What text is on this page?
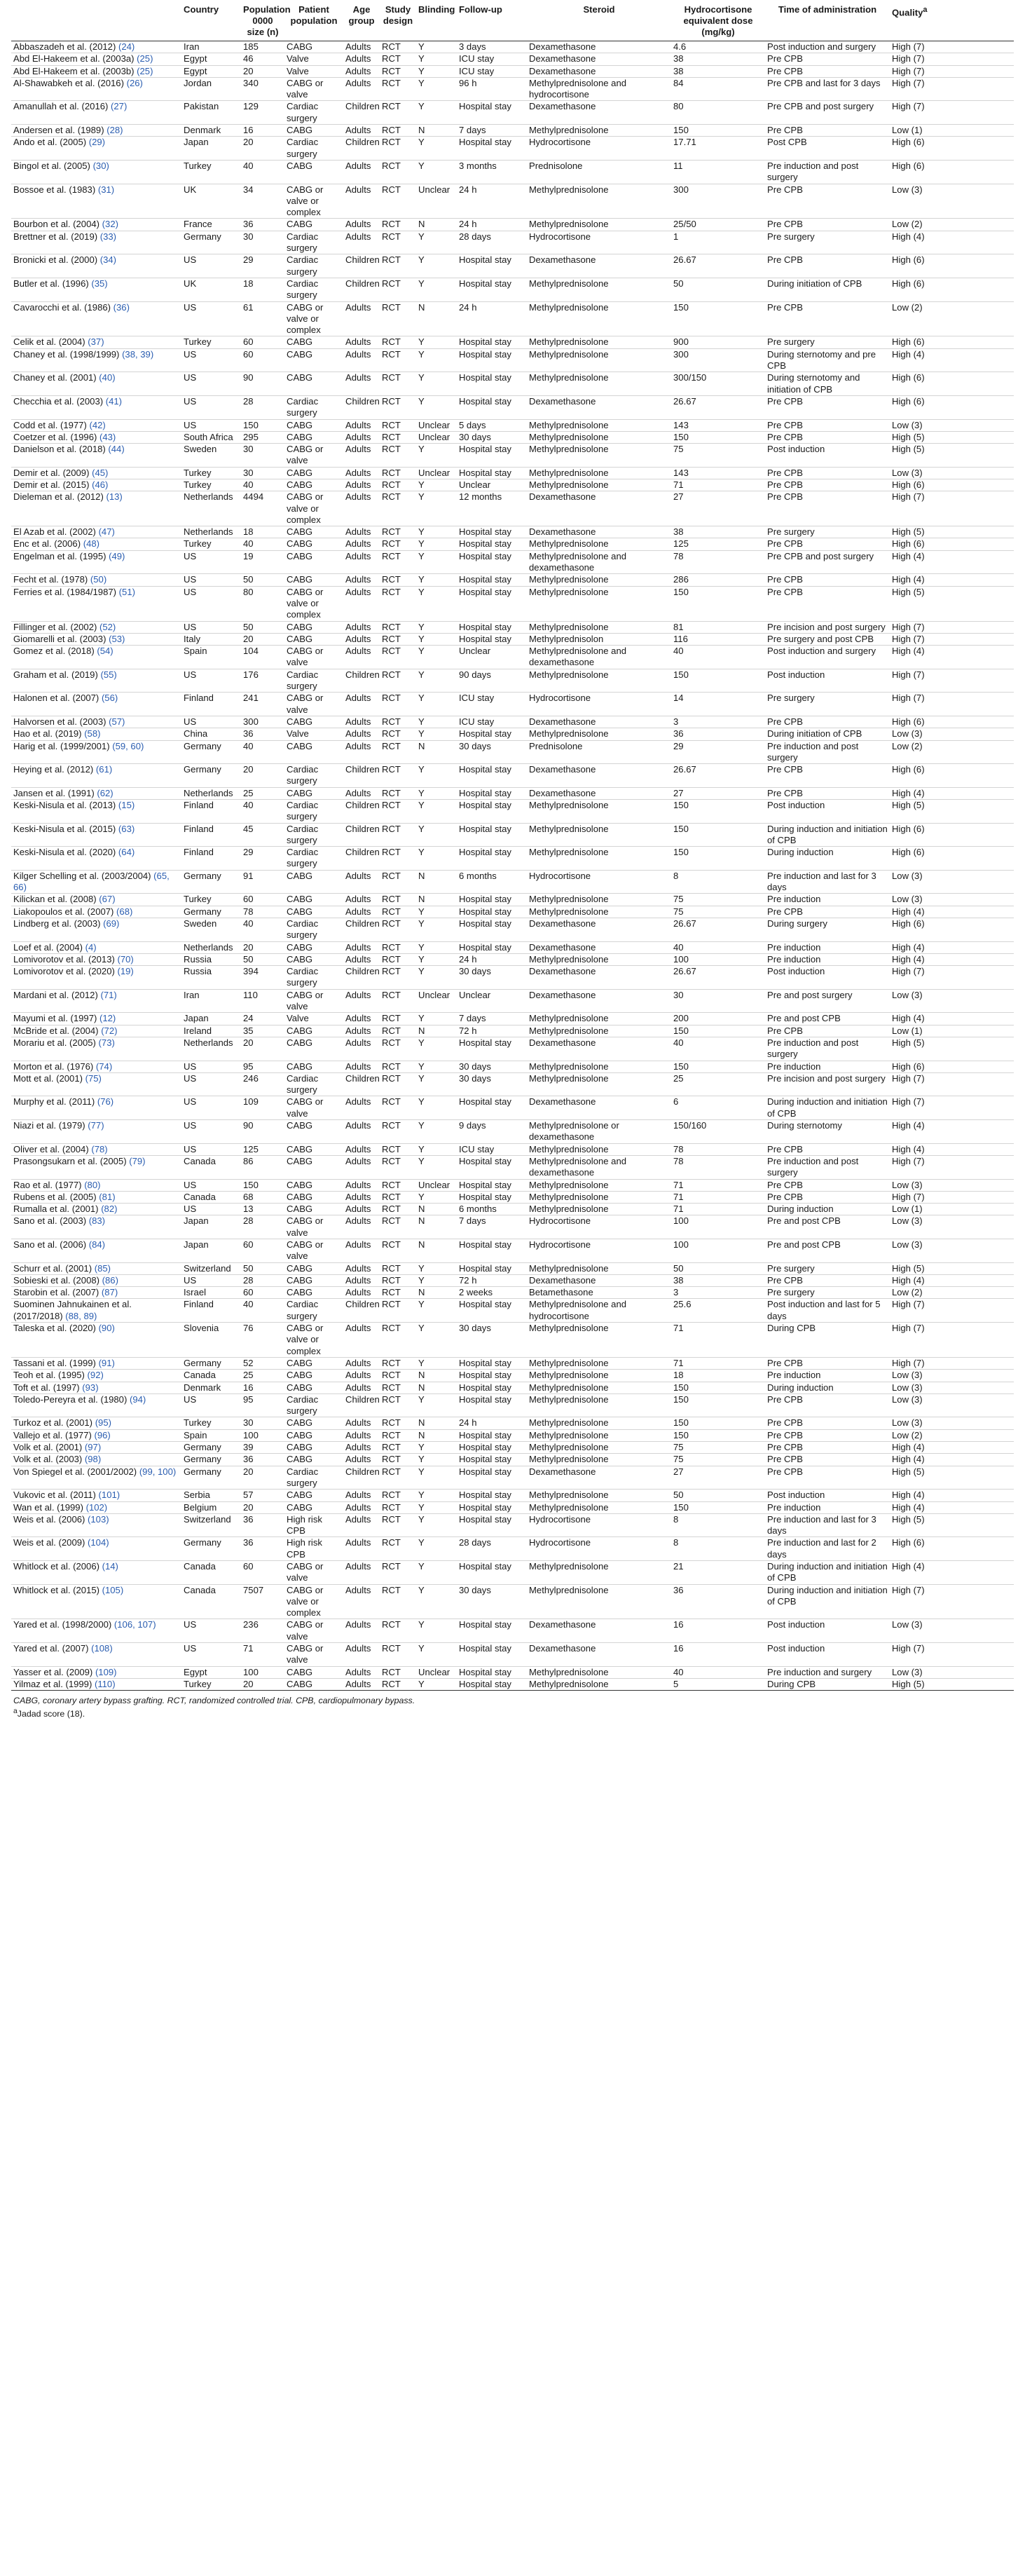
	Country	Population 0000 size (n)	Patient population	Age group	Study design	Blinding	Follow-up	Steroid	Hydrocortisone equivalent dose (mg/kg)	Time of administration	Quality$^a$
Abbaszadeh et al. (2012) (24)	Iran	185	CABG	Adults	RCT	Y	3 days	Dexamethasone	4.6	Post induction and surgery	High (7)
Abd El-Hakeem et al. (2003a) (25)	Egypt	46	Valve	Adults	RCT	Y	ICU stay	Dexamethasone	38	Pre CPB	High (7)
Abd El-Hakeem et al. (2003b) (25)	Egypt	20	Valve	Adults	RCT	Y	ICU stay	Dexamethasone	38	Pre CPB	High (7)
Al-Shawabkeh et al. (2016) (26)	Jordan	340	CABG or valve	Adults	RCT	Y	96 h	Methylprednisolone and hydrocortisone	84	Pre CPB and last for 3 days	High (7)
Amanullah et al. (2016) (27)	Pakistan	129	Cardiac surgery	Children	RCT	Y	Hospital stay	Dexamethasone	80	Pre CPB and post surgery	High (7)
Andersen et al. (1989) (28)	Denmark	16	CABG	Adults	RCT	N	7 days	Methylprednisolone	150	Pre CPB	Low (1)
Ando et al. (2005) (29)	Japan	20	Cardiac surgery	Children	RCT	Y	Hospital stay	Hydrocortisone	17.71	Post CPB	High (6)
Bingol et al. (2005) (30)	Turkey	40	CABG	Adults	RCT	Y	3 months	Prednisolone	11	Pre induction and post surgery	High (6)
Bossoe et al. (1983) (31)	UK	34	CABG or valve or complex	Adults	RCT	Unclear	24 h	Methylprednisolone	300	Pre CPB	Low (3)
Bourbon et al. (2004) (32)	France	36	CABG	Adults	RCT	N	24 h	Methylprednisolone	25/50	Pre CPB	Low (2)
Brettner et al. (2019) (33)	Germany	30	Cardiac surgery	Adults	RCT	Y	28 days	Hydrocortisone	1	Pre surgery	High (4)
Bronicki et al. (2000) (34)	US	29	Cardiac surgery	Children	RCT	Y	Hospital stay	Dexamethasone	26.67	Pre CPB	High (6)
Butler et al. (1996) (35)	UK	18	Cardiac surgery	Children	RCT	Y	Hospital stay	Methylprednisolone	50	During initiation of CPB	High (6)
Cavarocchi et al. (1986) (36)	US	61	CABG or valve or complex	Adults	RCT	N	24 h	Methylprednisolone	150	Pre CPB	Low (2)
Celik et al. (2004) (37)	Turkey	60	CABG	Adults	RCT	Y	Hospital stay	Methylprednisolone	900	Pre surgery	High (6)
Chaney et al. (1998/1999) (38, 39)	US	60	CABG	Adults	RCT	Y	Hospital stay	Methylprednisolone	300	During sternotomy and pre CPB	High (4)
Chaney et al. (2001) (40)	US	90	CABG	Adults	RCT	Y	Hospital stay	Methylprednisolone	300/150	During sternotomy and initiation of CPB	High (6)
Checchia et al. (2003) (41)	US	28	Cardiac surgery	Children	RCT	Y	Hospital stay	Dexamethasone	26.67	Pre CPB	High (6)
Codd et al. (1977) (42)	US	150	CABG	Adults	RCT	Unclear	5 days	Methylprednisolone	143	Pre CPB	Low (3)
Coetzer et al. (1996) (43)	South Africa	295	CABG	Adults	RCT	Unclear	30 days	Methylprednisolone	150	Pre CPB	High (5)
Danielson et al. (2018) (44)	Sweden	30	CABG or valve	Adults	RCT	Y	Hospital stay	Methylprednisolone	75	Post induction	High (5)
Demir et al. (2009) (45)	Turkey	30	CABG	Adults	RCT	Unclear	Hospital stay	Methylprednisolone	143	Pre CPB	Low (3)
Demir et al. (2015) (46)	Turkey	40	CABG	Adults	RCT	Y	Unclear	Methylprednisolone	71	Pre CPB	High (6)
Dieleman et al. (2012) (13)	Netherlands	4494	CABG or valve or complex	Adults	RCT	Y	12 months	Dexamethasone	27	Pre CPB	High (7)
El Azab et al. (2002) (47)	Netherlands	18	CABG	Adults	RCT	Y	Hospital stay	Dexamethasone	38	Pre surgery	High (5)
Enc et al. (2006) (48)	Turkey	40	CABG	Adults	RCT	Y	Hospital stay	Methylprednisolone	125	Pre CPB	High (6)
Engelman et al. (1995) (49)	US	19	CABG	Adults	RCT	Y	Hospital stay	Methylprednisolone and dexamethasone	78	Pre CPB and post surgery	High (4)
Fecht et al. (1978) (50)	US	50	CABG	Adults	RCT	Y	Hospital stay	Methylprednisolone	286	Pre CPB	High (4)
Ferries et al. (1984/1987) (51)	US	80	CABG or valve or complex	Adults	RCT	Y	Hospital stay	Methylprednisolone	150	Pre CPB	High (5)
Fillinger et al. (2002) (52)	US	50	CABG	Adults	RCT	Y	Hospital stay	Methylprednisolone	81	Pre incision and post surgery	High (7)
Giomarelli et al. (2003) (53)	Italy	20	CABG	Adults	RCT	Y	Hospital stay	Methylprednisolon	116	Pre surgery and post CPB	High (7)
Gomez et al. (2018) (54)	Spain	104	CABG or valve	Adults	RCT	Y	Unclear	Methylprednisolone and dexamethasone	40	Post induction and surgery	High (4)
Graham et al. (2019) (55)	US	176	Cardiac surgery	Children	RCT	Y	90 days	Methylprednisolone	150	Post induction	High (7)
Halonen et al. (2007) (56)	Finland	241	CABG or valve	Adults	RCT	Y	ICU stay	Hydrocortisone	14	Pre surgery	High (7)
Halvorsen et al. (2003) (57)	US	300	CABG	Adults	RCT	Y	ICU stay	Dexamethasone	3	Pre CPB	High (6)
Hao et al. (2019) (58)	China	36	Valve	Adults	RCT	Y	Hospital stay	Methylprednisolone	36	During initiation of CPB	Low (3)
Harig et al. (1999/2001) (59, 60)	Germany	40	CABG	Adults	RCT	N	30 days	Prednisolone	29	Pre induction and post surgery	Low (2)
Heying et al. (2012) (61)	Germany	20	Cardiac surgery	Children	RCT	Y	Hospital stay	Dexamethasone	26.67	Pre CPB	High (6)
Jansen et al. (1991) (62)	Netherlands	25	CABG	Adults	RCT	Y	Hospital stay	Dexamethasone	27	Pre CPB	High (4)
Keski-Nisula et al. (2013) (15)	Finland	40	Cardiac surgery	Children	RCT	Y	Hospital stay	Methylprednisolone	150	Post induction	High (5)
Keski-Nisula et al. (2015) (63)	Finland	45	Cardiac surgery	Children	RCT	Y	Hospital stay	Methylprednisolone	150	During induction and initiation of CPB	High (6)
Keski-Nisula et al. (2020) (64)	Finland	29	Cardiac surgery	Children	RCT	Y	Hospital stay	Methylprednisolone	150	During induction	High (6)
Kilger Schelling et al. (2003/2004) (65, 66)	Germany	91	CABG	Adults	RCT	N	6 months	Hydrocortisone	8	Pre induction and last for 3 days	Low (3)
Kilickan et al. (2008) (67)	Turkey	60	CABG	Adults	RCT	N	Hospital stay	Methylprednisolone	75	Pre induction	Low (3)
Liakopoulos et al. (2007) (68)	Germany	78	CABG	Adults	RCT	Y	Hospital stay	Methylprednisolone	75	Pre CPB	High (4)
Lindberg et al. (2003) (69)	Sweden	40	Cardiac surgery	Children	RCT	Y	Hospital stay	Dexamethasone	26.67	During surgery	High (6)
Loef et al. (2004) (4)	Netherlands	20	CABG	Adults	RCT	Y	Hospital stay	Dexamethasone	40	Pre induction	High (4)
Lomivorotov et al. (2013) (70)	Russia	50	CABG	Adults	RCT	Y	24 h	Methylprednisolone	100	Pre induction	High (4)
Lomivorotov et al. (2020) (19)	Russia	394	Cardiac surgery	Children	RCT	Y	30 days	Dexamethasone	26.67	Post induction	High (7)
Mardani et al. (2012) (71)	Iran	110	CABG or valve	Adults	RCT	Unclear	Unclear	Dexamethasone	30	Pre and post surgery	Low (3)
Mayumi et al. (1997) (12)	Japan	24	Valve	Adults	RCT	Y	7 days	Methylprednisolone	200	Pre and post CPB	High (4)
McBride et al. (2004) (72)	Ireland	35	CABG	Adults	RCT	N	72 h	Methylprednisolone	150	Pre CPB	Low (1)
Morariu et al. (2005) (73)	Netherlands	20	CABG	Adults	RCT	Y	Hospital stay	Dexamethasone	40	Pre induction and post surgery	High (5)
Morton et al. (1976) (74)	US	95	CABG	Adults	RCT	Y	30 days	Methylprednisolone	150	Pre induction	High (6)
Mott et al. (2001) (75)	US	246	Cardiac surgery	Children	RCT	Y	30 days	Methylprednisolone	25	Pre incision and post surgery	High (7)
Murphy et al. (2011) (76)	US	109	CABG or valve	Adults	RCT	Y	Hospital stay	Dexamethasone	6	During induction and initiation of CPB	High (7)
Niazi et al. (1979) (77)	US	90	CABG	Adults	RCT	Y	9 days	Methylprednisolone or dexamethasone	150/160	During sternotomy	High (4)
Oliver et al. (2004) (78)	US	125	CABG	Adults	RCT	Y	ICU stay	Methylprednisolone	78	Pre CPB	High (4)
Prasongsukarn et al. (2005) (79)	Canada	86	CABG	Adults	RCT	Y	Hospital stay	Methylprednisolone and dexamethasone	78	Pre induction and post surgery	High (7)
Rao et al. (1977) (80)	US	150	CABG	Adults	RCT	Unclear	Hospital stay	Methylprednisolone	71	Pre CPB	Low (3)
Rubens et al. (2005) (81)	Canada	68	CABG	Adults	RCT	Y	Hospital stay	Methylprednisolone	71	Pre CPB	High (7)
Rumalla et al. (2001) (82)	US	13	CABG	Adults	RCT	N	6 months	Methylprednisolone	71	During induction	Low (1)
Sano et al. (2003) (83)	Japan	28	CABG or valve	Adults	RCT	N	7 days	Hydrocortisone	100	Pre and post CPB	Low (3)
Sano et al. (2006) (84)	Japan	60	CABG or valve	Adults	RCT	N	Hospital stay	Hydrocortisone	100	Pre and post CPB	Low (3)
Schurr et al. (2001) (85)	Switzerland	50	CABG	Adults	RCT	Y	Hospital stay	Methylprednisolone	50	Pre surgery	High (5)
Sobieski et al. (2008) (86)	US	28	CABG	Adults	RCT	Y	72 h	Dexamethasone	38	Pre CPB	High (4)
Starobin et al. (2007) (87)	Israel	60	CABG	Adults	RCT	N	2 weeks	Betamethasone	3	Pre surgery	Low (2)
Suominen Jahnukainen et al. (2017/2018) (88, 89)	Finland	40	Cardiac surgery	Children	RCT	Y	Hospital stay	Methylprednisolone and hydrocortisone	25.6	Post induction and last for 5 days	High (7)
Taleska et al. (2020) (90)	Slovenia	76	CABG or valve or complex	Adults	RCT	Y	30 days	Methylprednisolone	71	During CPB	High (7)
Tassani et al. (1999) (91)	Germany	52	CABG	Adults	RCT	Y	Hospital stay	Methylprednisolone	71	Pre CPB	High (7)
Teoh et al. (1995) (92)	Canada	25	CABG	Adults	RCT	N	Hospital stay	Methylprednisolone	18	Pre induction	Low (3)
Toft et al. (1997) (93)	Denmark	16	CABG	Adults	RCT	N	Hospital stay	Methylprednisolone	150	During induction	Low (3)
Toledo-Pereyra et al. (1980) (94)	US	95	Cardiac surgery	Children	RCT	Y	Hospital stay	Methylprednisolone	150	Pre CPB	Low (3)
Turkoz et al. (2001) (95)	Turkey	30	CABG	Adults	RCT	N	24 h	Methylprednisolone	150	Pre CPB	Low (3)
Vallejo et al. (1977) (96)	Spain	100	CABG	Adults	RCT	N	Hospital stay	Methylprednisolone	150	Pre CPB	Low (2)
Volk et al. (2001) (97)	Germany	39	CABG	Adults	RCT	Y	Hospital stay	Methylprednisolone	75	Pre CPB	High (4)
Volk et al. (2003) (98)	Germany	36	CABG	Adults	RCT	Y	Hospital stay	Methylprednisolone	75	Pre CPB	High (4)
Von Spiegel et al. (2001/2002) (99, 100)	Germany	20	Cardiac surgery	Children	RCT	Y	Hospital stay	Dexamethasone	27	Pre CPB	High (5)
Vukovic et al. (2011) (101)	Serbia	57	CABG	Adults	RCT	Y	Hospital stay	Methylprednisolone	50	Post induction	High (4)
Wan et al. (1999) (102)	Belgium	20	CABG	Adults	RCT	Y	Hospital stay	Methylprednisolone	150	Pre induction	High (4)
Weis et al. (2006) (103)	Switzerland	36	High risk CPB	Adults	RCT	Y	Hospital stay	Hydrocortisone	8	Pre induction and last for 3 days	High (5)
Weis et al. (2009) (104)	Germany	36	High risk CPB	Adults	RCT	Y	28 days	Hydrocortisone	8	Pre induction and last for 2 days	High (6)
Whitlock et al. (2006) (14)	Canada	60	CABG or valve	Adults	RCT	Y	Hospital stay	Methylprednisolone	21	During induction and initiation of CPB	High (4)
Whitlock et al. (2015) (105)	Canada	7507	CABG or valve or complex	Adults	RCT	Y	30 days	Methylprednisolone	36	During induction and initiation of CPB	High (7)
Yared et al. (1998/2000) (106, 107)	US	236	CABG or valve	Adults	RCT	Y	Hospital stay	Dexamethasone	16	Post induction	Low (3)
Yared et al. (2007) (108)	US	71	CABG or valve	Adults	RCT	Y	Hospital stay	Dexamethasone	16	Post induction	High (7)
Yasser et al. (2009) (109)	Egypt	100	CABG	Adults	RCT	Unclear	Hospital stay	Methylprednisolone	40	Pre induction and surgery	Low (3)
Yilmaz et al. (1999) (110)	Turkey	20	CABG	Adults	RCT	Y	Hospital stay	Methylprednisolone	5	During CPB	High (5)

CABG, coronary artery bypass grafting. RCT, randomized controlled trial. CPB, cardiopulmonary bypass.

$^a$Jadad score (18).
